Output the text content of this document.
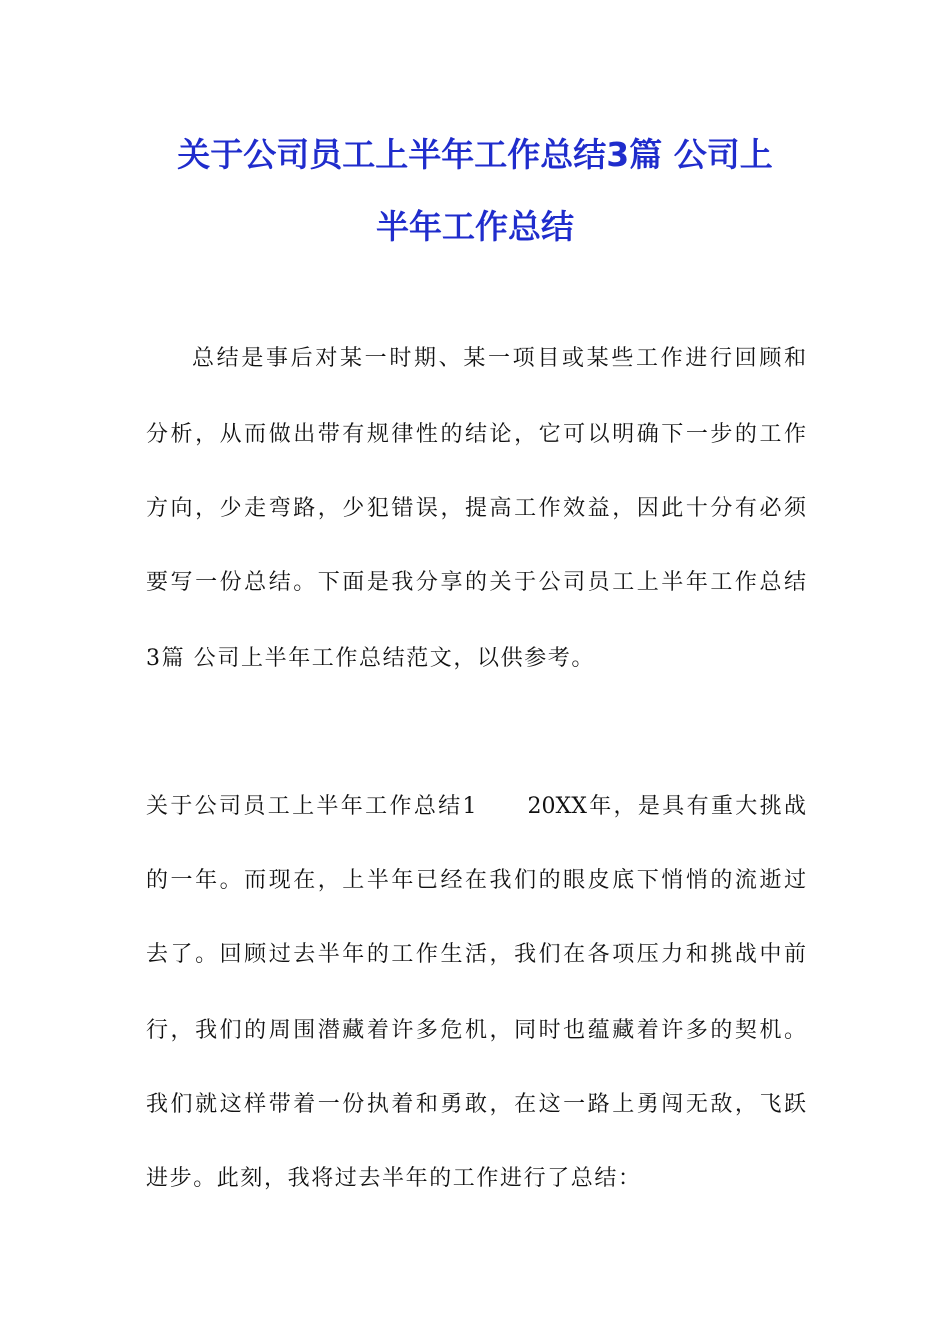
关于公司员工上半年工作总结3篇 公司上
半年工作总结
总结是事后对某一时期、某一项目或某些工作进行回顾和
分析，从而做出带有规律性的结论，它可以明确下一步的工作
方向，少走弯路，少犯错误，提高工作效益，因此十分有必须
要写一份总结。下面是我分享的关于公司员工上半年工作总结
3篇 公司上半年工作总结范文，以供参考。
关于公司员工上半年工作总结1　　20XX年，是具有重大挑战
的一年。而现在，上半年已经在我们的眼皮底下悄悄的流逝过
去了。回顾过去半年的工作生活，我们在各项压力和挑战中前
行，我们的周围潜藏着许多危机，同时也蕴藏着许多的契机。
我们就这样带着一份执着和勇敢，在这一路上勇闯无敌，飞跃
进步。此刻，我将过去半年的工作进行了总结：
